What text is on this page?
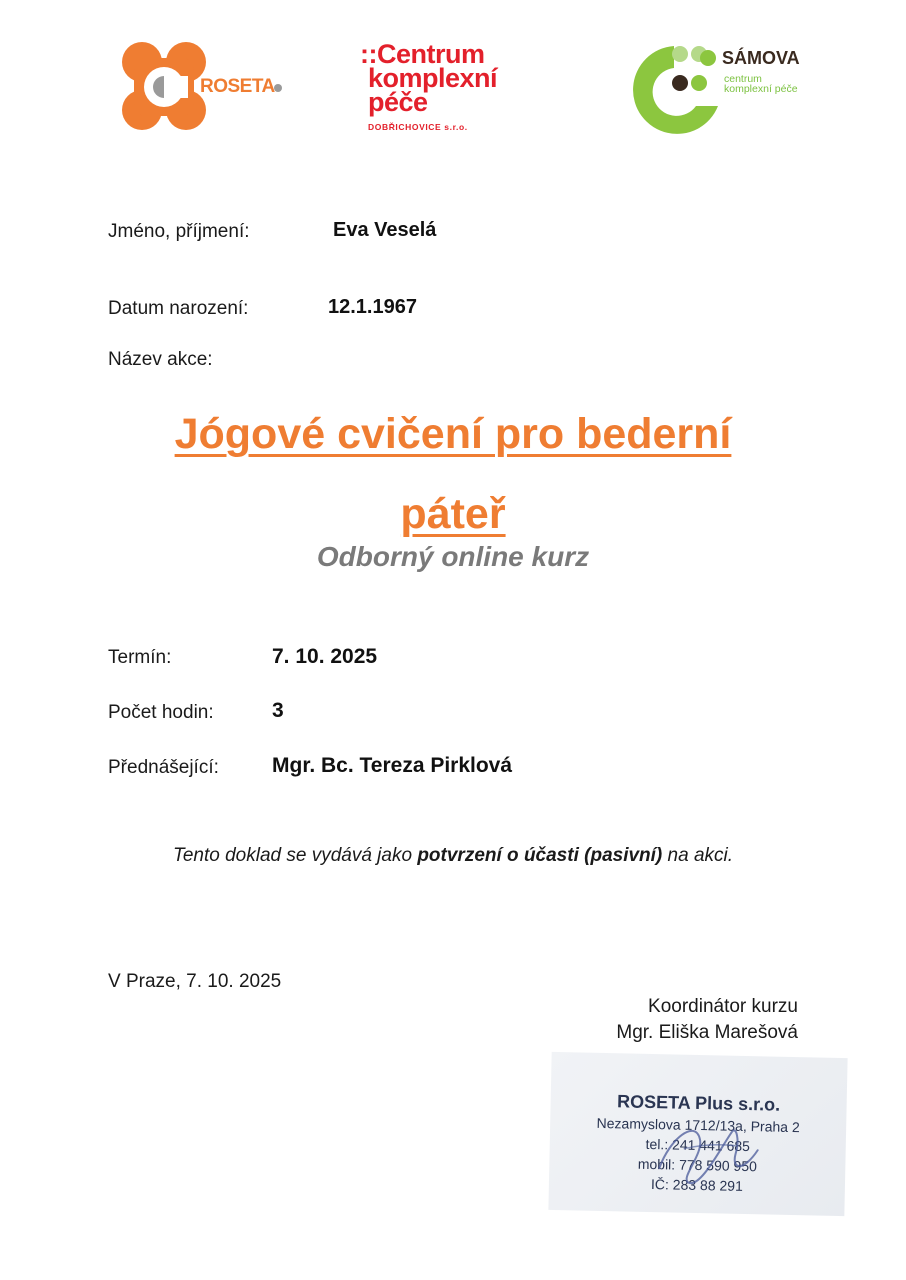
ROSETA
::Centrum
komplexní
péče
DOBŘICHOVICE s.r.o.
SÁMOVA
centrum
komplexní péče
Jméno, příjmení:	Eva Veselá
Datum narození:	12.1.1967
Název akce:
Jógové cvičení pro bederní
páteř
Odborný online kurz
Termín:	7. 10. 2025
Počet hodin:	3
Přednášející:	Mgr. Bc. Tereza Pirklová
Tento doklad se vydává jako potvrzení o účasti (pasivní) na akci.
V Praze, 7. 10. 2025
Koordinátor kurzu
Mgr. Eliška Marešová
ROSETA Plus s.r.o.
Nezamyslova 1712/13a, Praha 2
tel.: 241 441 685
mobil: 778 590 950
IČ: 283 88 291
